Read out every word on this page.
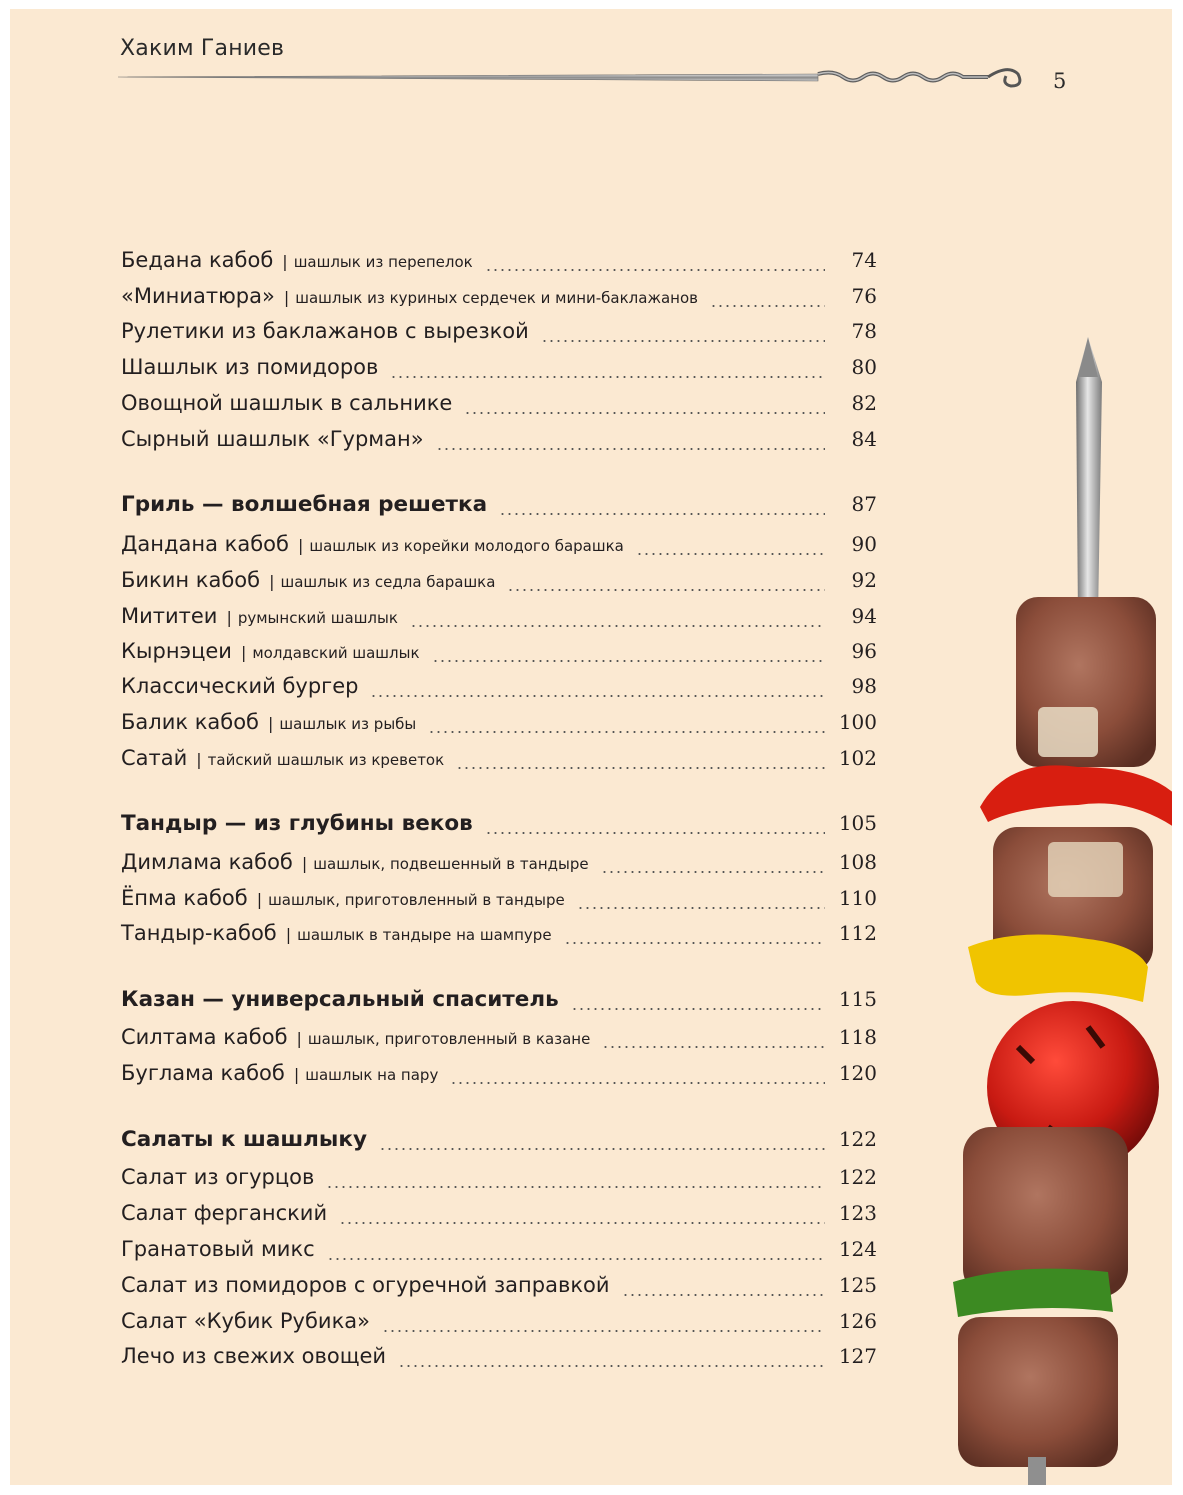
Хаким Ганиев
5
Бедана кабоб | шашлык из перепелок	74
«Миниатюра» | шашлык из куриных сердечек и мини-баклажанов	76
Рулетики из баклажанов с вырезкой	78
Шашлык из помидоров	80
Овощной шашлык в сальнике	82
Сырный шашлык «Гурман»	84
Гриль — волшебная решетка	87
Дандана кабоб | шашлык из корейки молодого барашка	90
Бикин кабоб | шашлык из седла барашка	92
Мититеи | румынский шашлык	94
Кырнэцеи | молдавский шашлык	96
Классический бургер	98
Балик кабоб | шашлык из рыбы	100
Сатай | тайский шашлык из креветок	102
Тандыр — из глубины веков	105
Димлама кабоб | шашлык, подвешенный в тандыре	108
Ёпма кабоб | шашлык, приготовленный в тандыре	110
Тандыр-кабоб | шашлык в тандыре на шампуре	112
Казан — универсальный спаситель	115
Силтама кабоб | шашлык, приготовленный в казане	118
Буглама кабоб | шашлык на пару	120
Салаты к шашлыку	122
Салат из огурцов	122
Салат ферганский	123
Гранатовый микс	124
Салат из помидоров с огуречной заправкой	125
Салат «Кубик Рубика»	126
Лечо из свежих овощей	127
